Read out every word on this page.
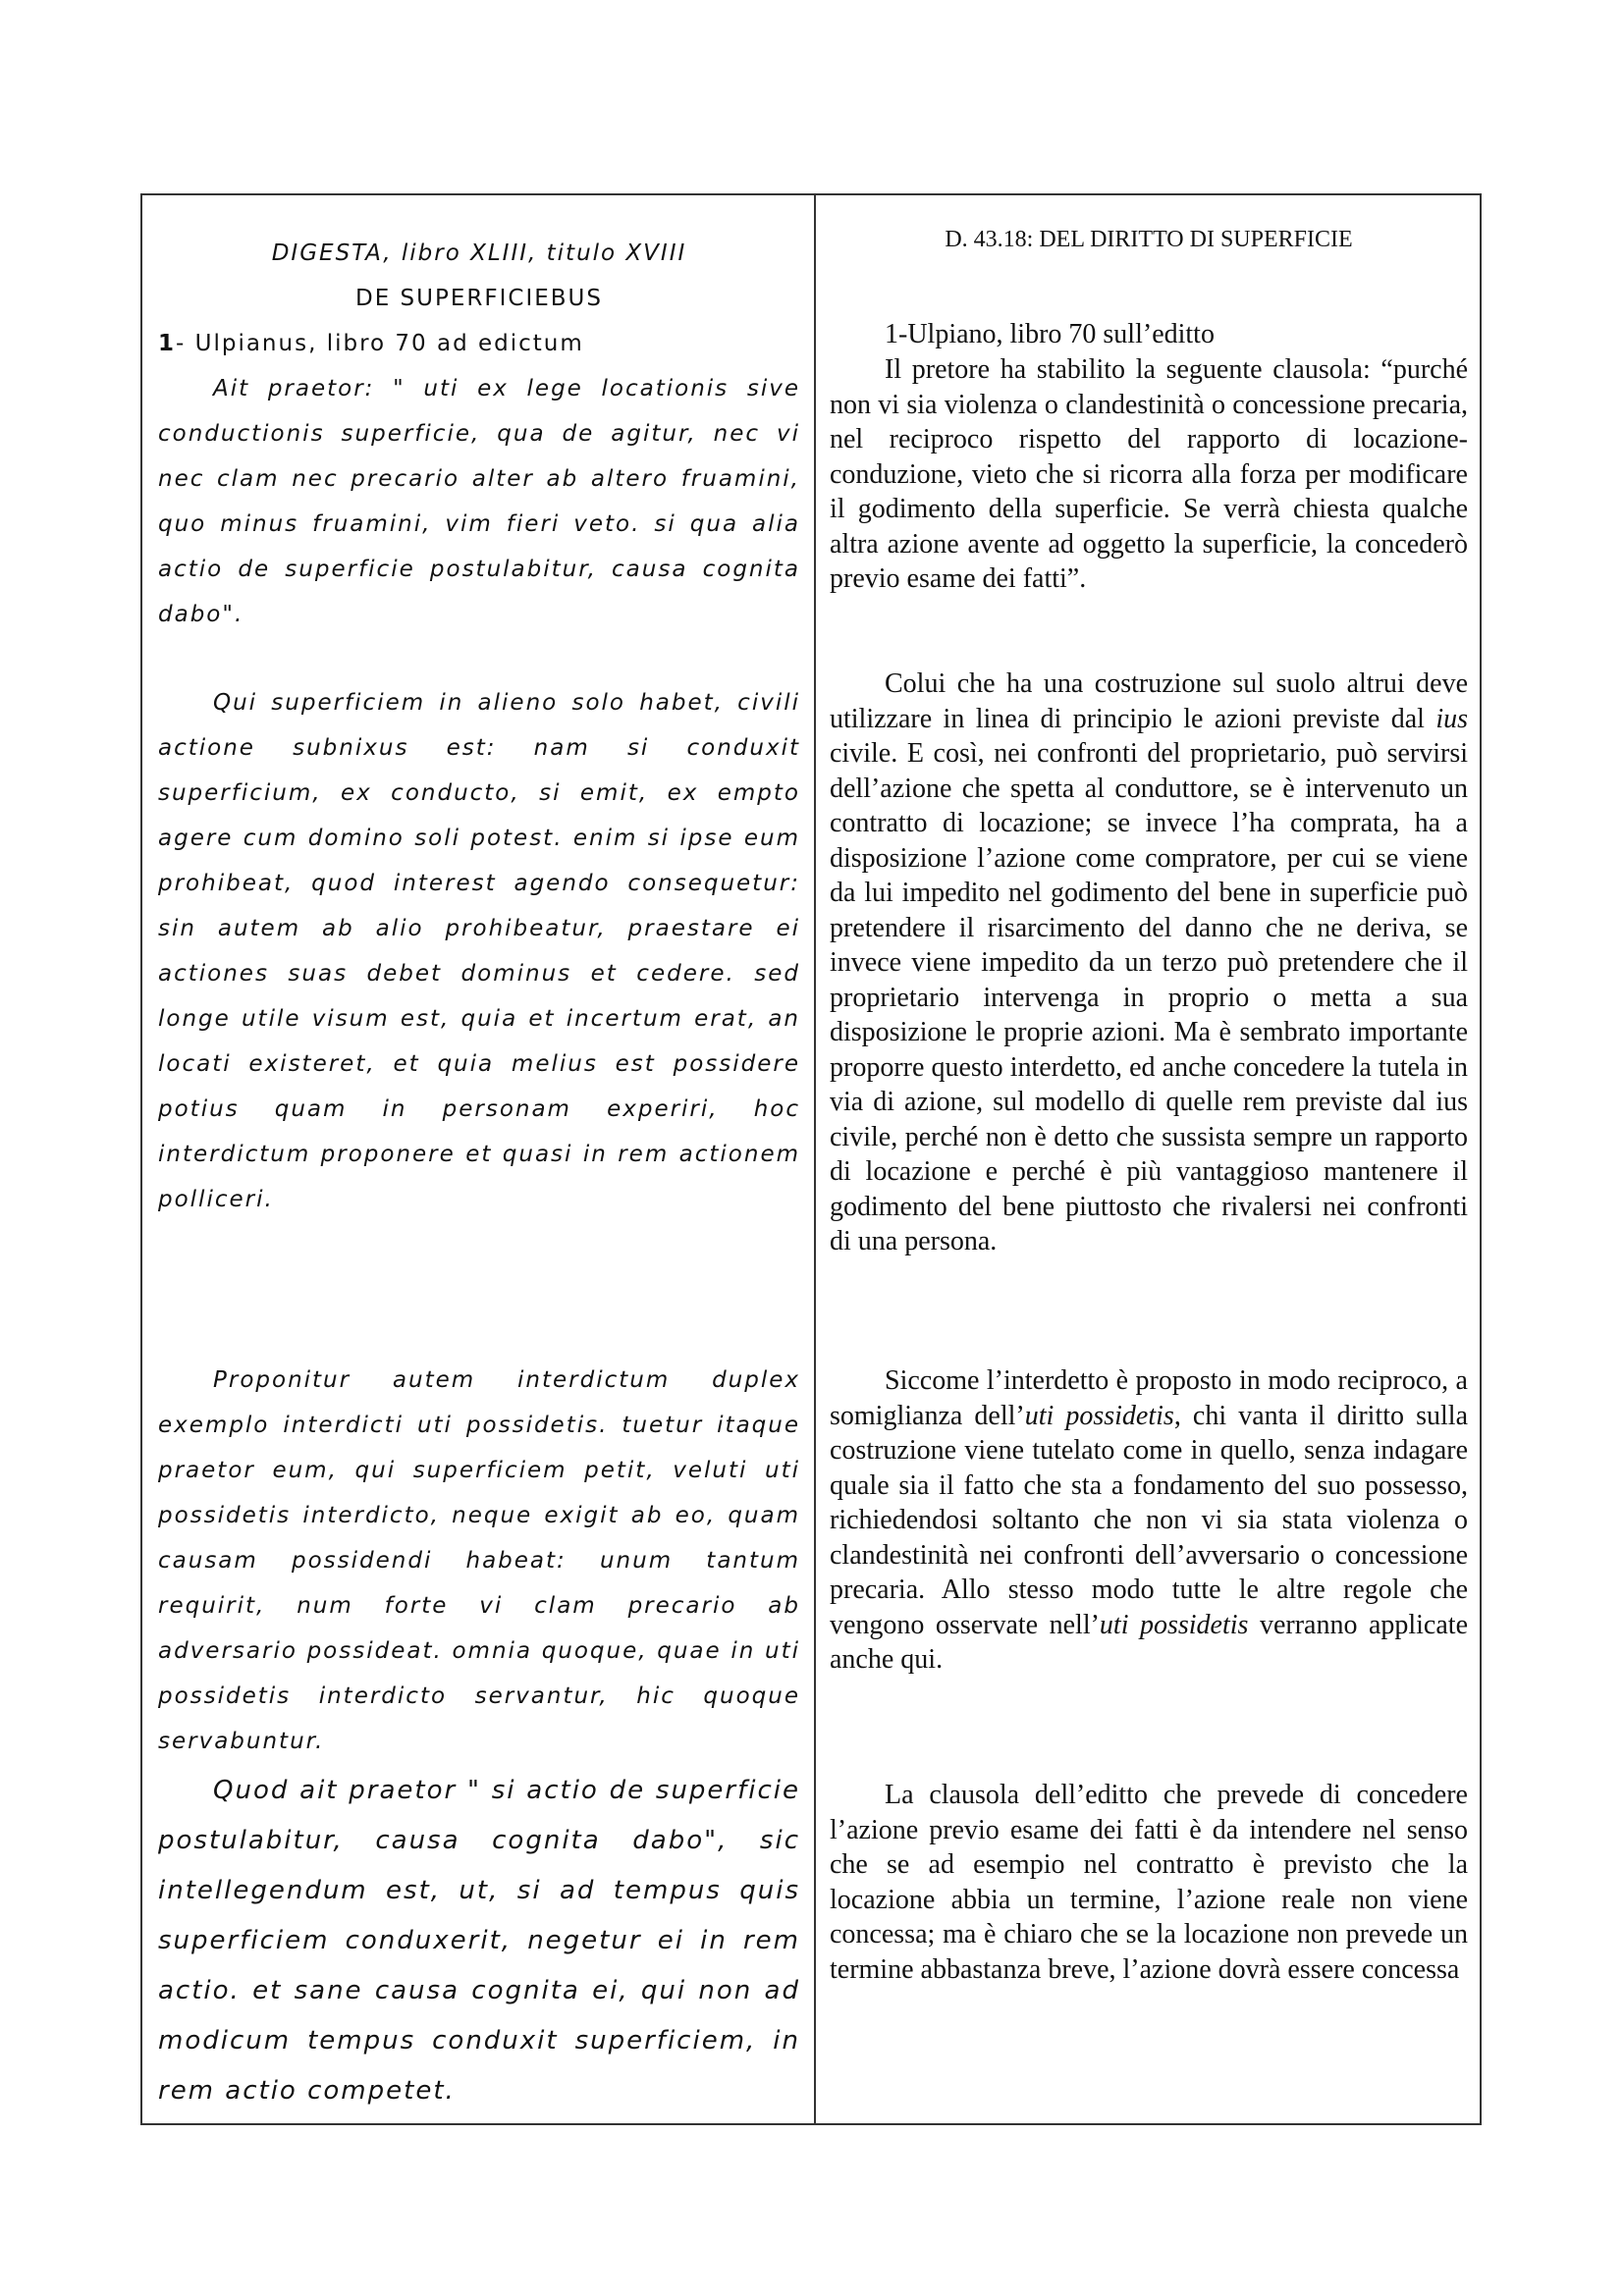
DIGESTA, libro XLIII, titulo XVIII
DE SUPERFICIEBUS
1- Ulpianus, libro 70 ad edictum
Ait praetor: " uti ex lege locationis sive conductionis superficie, qua de agitur, nec vi nec clam nec precario alter ab altero fruamini, quo minus fruamini, vim fieri veto. si qua alia actio de superficie postulabitur, causa cognita dabo".
Qui superficiem in alieno solo habet, civili actione subnixus est: nam si conduxit superficium, ex conducto, si emit, ex empto agere cum domino soli potest. enim si ipse eum prohibeat, quod interest agendo consequetur: sin autem ab alio prohibeatur, praestare ei actiones suas debet dominus et cedere. sed longe utile visum est, quia et incertum erat, an locati existeret, et quia melius est possidere potius quam in personam experiri, hoc interdictum proponere et quasi in rem actionem polliceri.
Proponitur autem interdictum duplex exemplo interdicti uti possidetis. tuetur itaque praetor eum, qui superficiem petit, veluti uti possidetis interdicto, neque exigit ab eo, quam causam possidendi habeat: unum tantum requirit, num forte vi clam precario ab adversario possideat. omnia quoque, quae in uti possidetis interdicto servantur, hic quoque servabuntur.
Quod ait praetor " si actio de superficie postulabitur, causa cognita dabo", sic intellegendum est, ut, si ad tempus quis superficiem conduxerit, negetur ei in rem actio. et sane causa cognita ei, qui non ad modicum tempus conduxit superficiem, in rem actio competet.
D. 43.18: DEL DIRITTO DI SUPERFICIE
1-Ulpiano, libro 70 sull’editto
Il pretore ha stabilito la seguente clausola: “purché non vi sia violenza o clandestinità o concessione precaria, nel reciproco rispetto del rapporto di locazione-conduzione, vieto che si ricorra alla forza per modificare il godimento della superficie. Se verrà chiesta qualche altra azione avente ad oggetto la superficie, la concederò previo esame dei fatti”.
Colui che ha una costruzione sul suolo altrui deve utilizzare in linea di principio le azioni previste dal ius civile. E così, nei confronti del proprietario, può servirsi dell’azione che spetta al conduttore, se è intervenuto un contratto di locazione; se invece l’ha comprata, ha a disposizione l’azione come compratore, per cui se viene da lui impedito nel godimento del bene in superficie può pretendere il risarcimento del danno che ne deriva, se invece viene impedito da un terzo può pretendere che il proprietario intervenga in proprio o metta a sua disposizione le proprie azioni. Ma è sembrato importante proporre questo interdetto, ed anche concedere la tutela in via di azione, sul modello di quelle rem previste dal ius civile, perché non è detto che sussista sempre un rapporto di locazione e perché è più vantaggioso mantenere il godimento del bene piuttosto che rivalersi nei confronti di una persona.
Siccome l’interdetto è proposto in modo reciproco, a somiglianza dell’uti possidetis, chi vanta il diritto sulla costruzione viene tutelato come in quello, senza indagare quale sia il fatto che sta a fondamento del suo possesso, richiedendosi soltanto che non vi sia stata violenza o clandestinità nei confronti dell’avversario o concessione precaria. Allo stesso modo tutte le altre regole che vengono osservate nell’uti possidetis verranno applicate anche qui.
La clausola dell’editto che prevede di concedere l’azione previo esame dei fatti è da intendere nel senso che se ad esempio nel contratto è previsto che la locazione abbia un termine, l’azione reale non viene concessa; ma è chiaro che se la locazione non prevede un termine abbastanza breve, l’azione dovrà essere concessa
